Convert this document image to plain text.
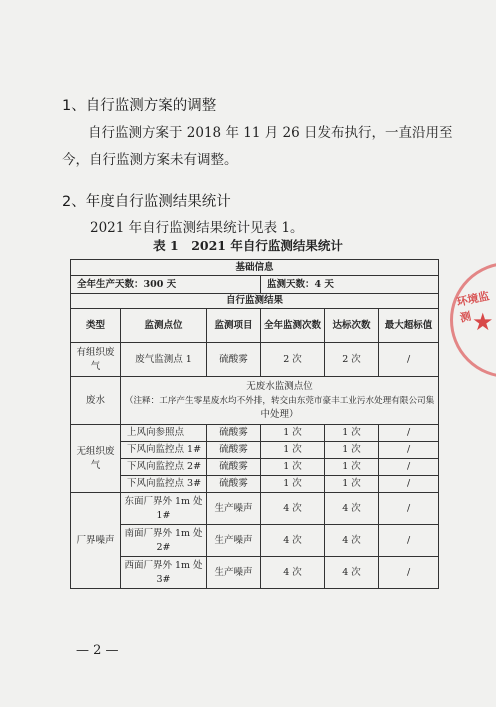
1、自行监测方案的调整
自行监测方案于 2018 年 11 月 26 日发布执行，一直沿用至
今，自行监测方案未有调整。
2、年度自行监测结果统计
2021 年自行监测结果统计见表 1。
表 1　2021 年自行监测结果统计
环境监测 ★
基础信息					
全年生产天数：300 天			监测天数：4 天		
自行监测结果					
类型	监测点位	监测项目	全年监测次数	达标次数	最大超标值
有组织废气	废气监测点 1	硫酸雾	2 次	2 次	/
废水	无废水监测点位
（注释：工序产生零星废水均不外排，转交由东莞市豪丰工业污水处理有限公司集
中处理）				

无组织废气	上风向参照点	硫酸雾	1 次	1 次	/
	下风向监控点 1#	硫酸雾	1 次	1 次	/
	下风向监控点 2#	硫酸雾	1 次	1 次	/
	下风向监控点 3#	硫酸雾	1 次	1 次	/
厂界噪声	东面厂界外 1m 处
1#	生产噪声	4 次	4 次	/

	南面厂界外 1m 处
2#	生产噪声	4 次	4 次	/

	西面厂界外 1m 处
3#	生产噪声	4 次	4 次	/
— 2 —
